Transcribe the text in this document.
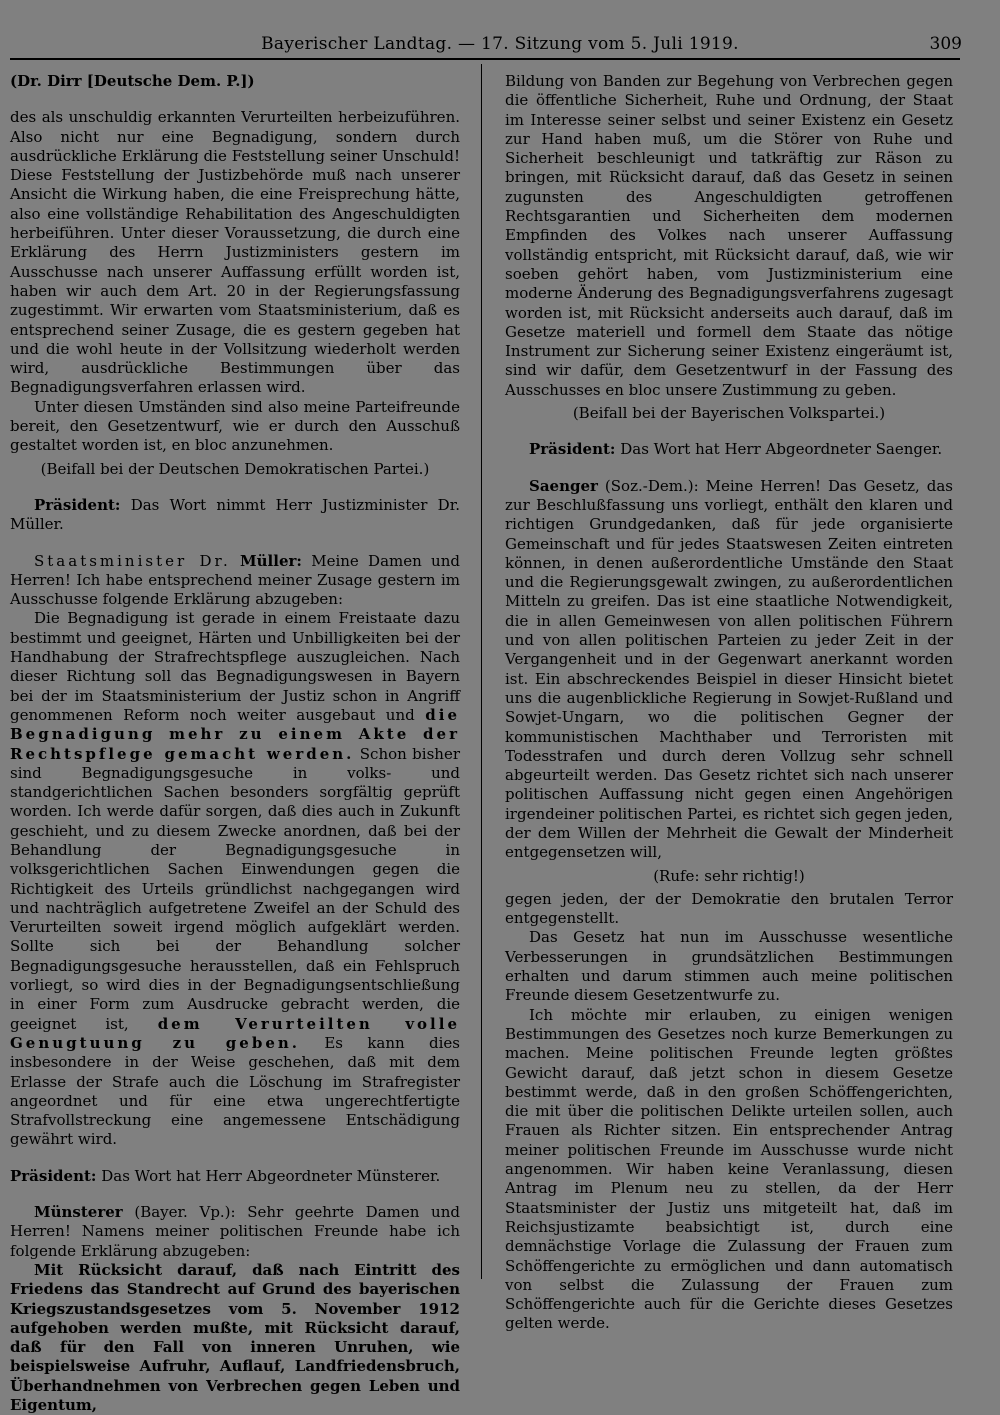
Bayerischer Landtag. — 17. Sitzung vom 5. Juli 1919.	309

(Dr. Dirr [Deutsche Dem. P.])

des als unschuldig erkannten Verurteilten herbeizuführen. Also nicht nur eine Begnadigung, sondern durch ausdrückliche Erklärung die Feststellung seiner Unschuld! Diese Feststellung der Justizbehörde muß nach unserer Ansicht die Wirkung haben, die eine Freisprechung hätte, also eine vollständige Rehabilitation des Angeschuldigten herbeiführen. Unter dieser Voraussetzung, die durch eine Erklärung des Herrn Justizministers gestern im Ausschusse nach unserer Auffassung erfüllt worden ist, haben wir auch dem Art. 20 in der Regierungsfassung zugestimmt. Wir erwarten vom Staatsministerium, daß es entsprechend seiner Zusage, die es gestern gegeben hat und die wohl heute in der Vollsitzung wiederholt werden wird, ausdrückliche Bestimmungen über das Begnadigungsverfahren erlassen wird.

Unter diesen Umständen sind also meine Parteifreunde bereit, den Gesetzentwurf, wie er durch den Ausschuß gestaltet worden ist, en bloc anzunehmen.

(Beifall bei der Deutschen Demokratischen Partei.)

Präsident: Das Wort nimmt Herr Justizminister Dr. Müller.

Staatsminister Dr. Müller: Meine Damen und Herren! Ich habe entsprechend meiner Zusage gestern im Ausschusse folgende Erklärung abzugeben:

Die Begnadigung ist gerade in einem Freistaate dazu bestimmt und geeignet, Härten und Unbilligkeiten bei der Handhabung der Strafrechtspflege auszugleichen. Nach dieser Richtung soll das Begnadigungswesen in Bayern bei der im Staatsministerium der Justiz schon in Angriff genommenen Reform noch weiter ausgebaut und die Begnadigung mehr zu einem Akte der Rechtspflege gemacht werden. Schon bisher sind Begnadigungsgesuche in volks- und standgerichtlichen Sachen besonders sorgfältig geprüft worden. Ich werde dafür sorgen, daß dies auch in Zukunft geschieht, und zu diesem Zwecke anordnen, daß bei der Behandlung der Begnadigungsgesuche in volksgerichtlichen Sachen Einwendungen gegen die Richtigkeit des Urteils gründlichst nachgegangen wird und nachträglich aufgetretene Zweifel an der Schuld des Verurteilten soweit irgend möglich aufgeklärt werden. Sollte sich bei der Behandlung solcher Begnadigungsgesuche herausstellen, daß ein Fehlspruch vorliegt, so wird dies in der Begnadigungsentschließung in einer Form zum Ausdrucke gebracht werden, die geeignet ist, dem Verurteilten volle Genugtuung zu geben. Es kann dies insbesondere in der Weise geschehen, daß mit dem Erlasse der Strafe auch die Löschung im Strafregister angeordnet und für eine etwa ungerechtfertigte Strafvollstreckung eine angemessene Entschädigung gewährt wird.

Präsident: Das Wort hat Herr Abgeordneter Münsterer.

Münsterer (Bayer. Vp.): Sehr geehrte Damen und Herren! Namens meiner politischen Freunde habe ich folgende Erklärung abzugeben:

Mit Rücksicht darauf, daß nach Eintritt des Friedens das Standrecht auf Grund des bayerischen Kriegszustandsgesetzes vom 5. November 1912 aufgehoben werden mußte, mit Rücksicht darauf, daß für den Fall von inneren Unruhen, wie beispielsweise Aufruhr, Auflauf, Landfriedensbruch, Überhandnehmen von Verbrechen gegen Leben und Eigentum,

Bildung von Banden zur Begehung von Verbrechen gegen die öffentliche Sicherheit, Ruhe und Ordnung, der Staat im Interesse seiner selbst und seiner Existenz ein Gesetz zur Hand haben muß, um die Störer von Ruhe und Sicherheit beschleunigt und tatkräftig zur Räson zu bringen, mit Rücksicht darauf, daß das Gesetz in seinen zugunsten des Angeschuldigten getroffenen Rechtsgarantien und Sicherheiten dem modernen Empfinden des Volkes nach unserer Auffassung vollständig entspricht, mit Rücksicht darauf, daß, wie wir soeben gehört haben, vom Justizministerium eine moderne Änderung des Begnadigungsverfahrens zugesagt worden ist, mit Rücksicht anderseits auch darauf, daß im Gesetze materiell und formell dem Staate das nötige Instrument zur Sicherung seiner Existenz eingeräumt ist, sind wir dafür, dem Gesetzentwurf in der Fassung des Ausschusses en bloc unsere Zustimmung zu geben.

(Beifall bei der Bayerischen Volkspartei.)

Präsident: Das Wort hat Herr Abgeordneter Saenger.

Saenger (Soz.-Dem.): Meine Herren! Das Gesetz, das zur Beschlußfassung uns vorliegt, enthält den klaren und richtigen Grundgedanken, daß für jede organisierte Gemeinschaft und für jedes Staatswesen Zeiten eintreten können, in denen außerordentliche Umstände den Staat und die Regierungsgewalt zwingen, zu außerordentlichen Mitteln zu greifen. Das ist eine staatliche Notwendigkeit, die in allen Gemeinwesen von allen politischen Führern und von allen politischen Parteien zu jeder Zeit in der Vergangenheit und in der Gegenwart anerkannt worden ist. Ein abschreckendes Beispiel in dieser Hinsicht bietet uns die augenblickliche Regierung in Sowjet-Rußland und Sowjet-Ungarn, wo die politischen Gegner der kommunistischen Machthaber und Terroristen mit Todesstrafen und durch deren Vollzug sehr schnell abgeurteilt werden. Das Gesetz richtet sich nach unserer politischen Auffassung nicht gegen einen Angehörigen irgendeiner politischen Partei, es richtet sich gegen jeden, der dem Willen der Mehrheit die Gewalt der Minderheit entgegensetzen will,

(Rufe: sehr richtig!)

gegen jeden, der der Demokratie den brutalen Terror entgegenstellt.

Das Gesetz hat nun im Ausschusse wesentliche Verbesserungen in grundsätzlichen Bestimmungen erhalten und darum stimmen auch meine politischen Freunde diesem Gesetzentwurfe zu.

Ich möchte mir erlauben, zu einigen wenigen Bestimmungen des Gesetzes noch kurze Bemerkungen zu machen. Meine politischen Freunde legten größtes Gewicht darauf, daß jetzt schon in diesem Gesetze bestimmt werde, daß in den großen Schöffengerichten, die mit über die politischen Delikte urteilen sollen, auch Frauen als Richter sitzen. Ein entsprechender Antrag meiner politischen Freunde im Ausschusse wurde nicht angenommen. Wir haben keine Veranlassung, diesen Antrag im Plenum neu zu stellen, da der Herr Staatsminister der Justiz uns mitgeteilt hat, daß im Reichsjustizamte beabsichtigt ist, durch eine demnächstige Vorlage die Zulassung der Frauen zum Schöffengerichte zu ermöglichen und dann automatisch von selbst die Zulassung der Frauen zum Schöffengerichte auch für die Gerichte dieses Gesetzes gelten werde.
